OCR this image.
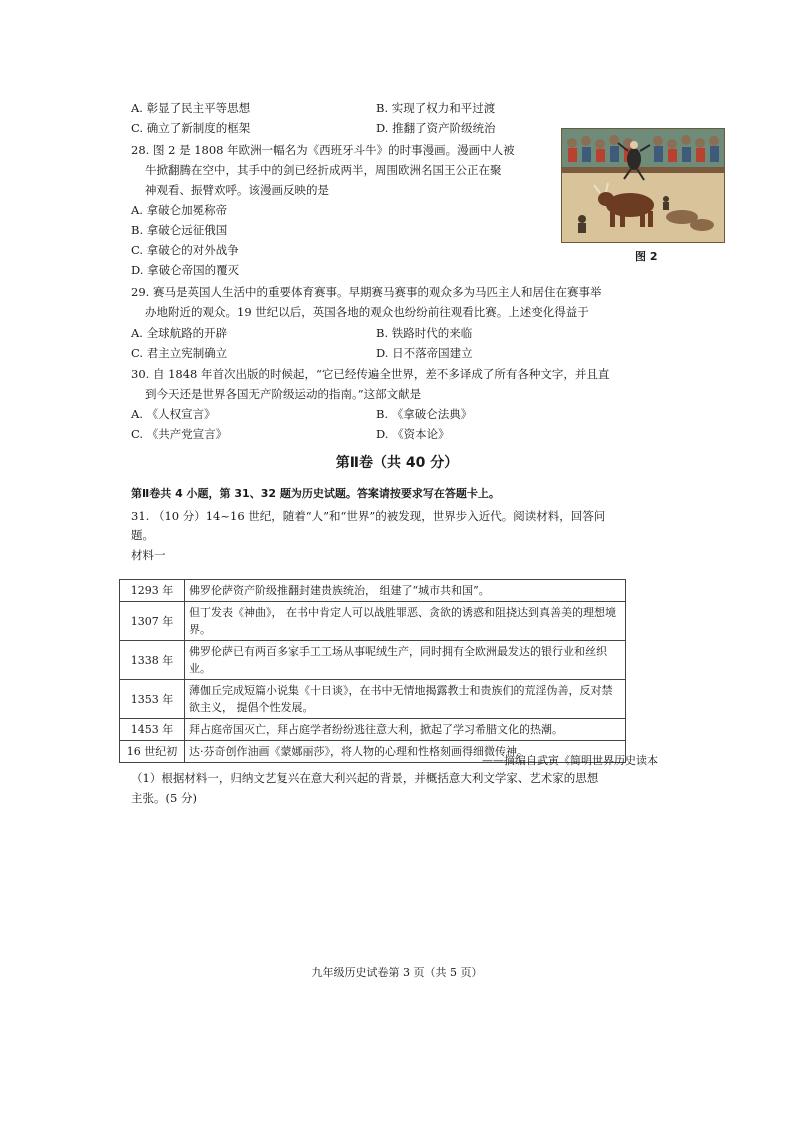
A. 彰显了民主平等思想	B. 实现了权力和平过渡
C. 确立了新制度的框架	D. 推翻了资产阶级统治
28. 图 2 是 1808 年欧洲一幅名为《西班牙斗牛》的时事漫画。漫画中人被
牛掀翻腾在空中，其手中的剑已经折成两半，周围欧洲名国王公正在聚
神观看、振臂欢呼。该漫画反映的是
A. 拿破仑加冕称帝
B. 拿破仑远征俄国
C. 拿破仑的对外战争
D. 拿破仑帝国的覆灭
图 2
29. 赛马是英国人生活中的重要体育赛事。早期赛马赛事的观众多为马匹主人和居住在赛事举
办地附近的观众。19 世纪以后，英国各地的观众也纷纷前往观看比赛。上述变化得益于
A. 全球航路的开辟	B. 铁路时代的来临
C. 君主立宪制确立	D. 日不落帝国建立
30. 自 1848 年首次出版的时候起，“它已经传遍全世界，差不多译成了所有各种文字，并且直
到今天还是世界各国无产阶级运动的指南。”这部文献是
A. 《人权宣言》	B. 《拿破仑法典》
C. 《共产党宣言》	D. 《资本论》
第Ⅱ卷（共 40 分）
第Ⅱ卷共 4 小题，第 31、32 题为历史试题。答案请按要求写在答题卡上。
31. （10 分）14~16 世纪，随着“人”和“世界”的被发现，世界步入近代。阅读材料，回答问
题。
材料一
1293 年	佛罗伦萨资产阶级推翻封建贵族统治， 组建了“城市共和国”。
1307 年	但丁发表《神曲》， 在书中肯定人可以战胜罪恶、贪欲的诱惑和阻挠达到真善美的理想境界。
1338 年	佛罗伦萨已有两百多家手工工场从事呢绒生产，同时拥有全欧洲最发达的银行业和丝织业。
1353 年	薄伽丘完成短篇小说集《十日谈》，在书中无情地揭露教士和贵族们的荒淫伪善，反对禁欲主义， 提倡个性发展。
1453 年	拜占庭帝国灭亡，拜占庭学者纷纷逃往意大利，掀起了学习希腊文化的热潮。
16 世纪初	达·芬奇创作油画《蒙娜丽莎》，将人物的心理和性格刻画得细微传神。
——摘编自武寅《简明世界历史读本
（1）根据材料一，归纳文艺复兴在意大利兴起的背景，并概括意大利文学家、艺术家的思想
主张。(5 分)
九年级历史试卷第 3 页（共 5 页）
